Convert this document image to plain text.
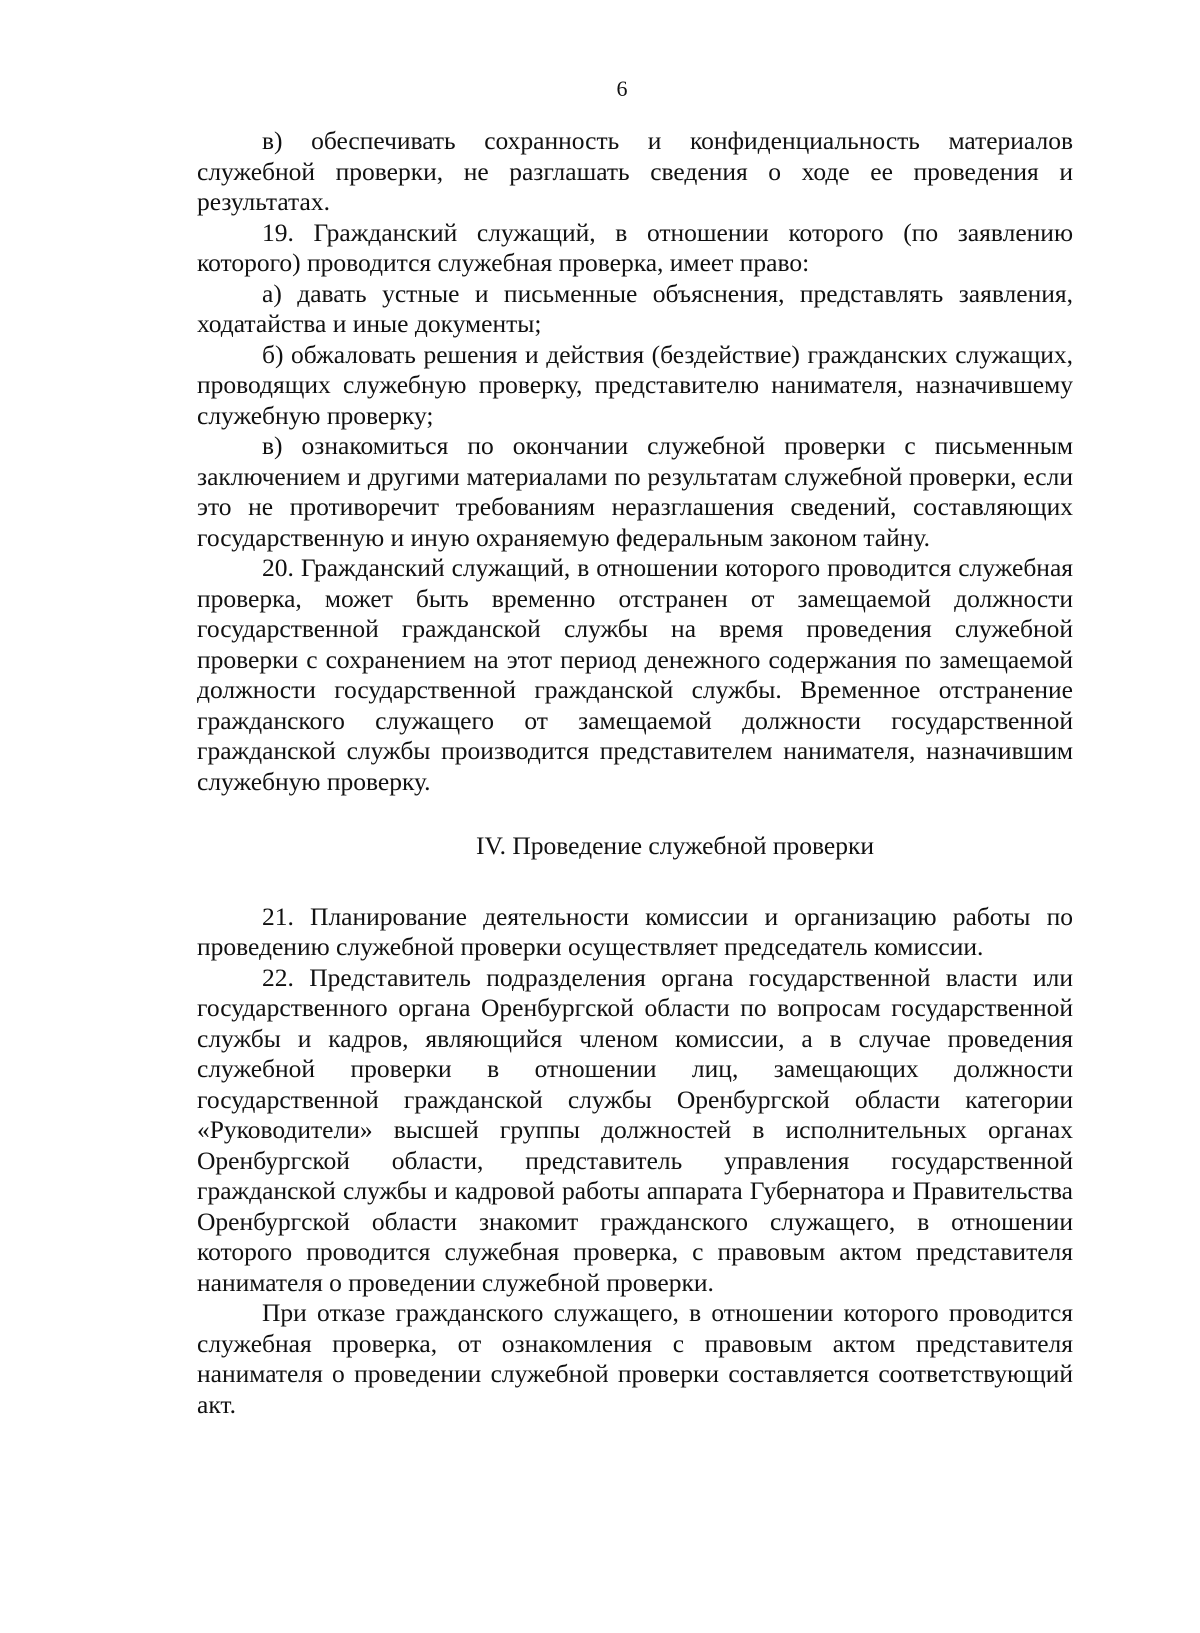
6

в) обеспечивать сохранность и конфиденциальность материалов служебной проверки, не разглашать сведения о ходе ее проведения и результатах.

19. Гражданский служащий, в отношении которого (по заявлению которого) проводится служебная проверка, имеет право:

а) давать устные и письменные объяснения, представлять заявления, ходатайства и иные документы;

б) обжаловать решения и действия (бездействие) гражданских служащих, проводящих служебную проверку, представителю нанимателя, назначившему служебную проверку;

в) ознакомиться по окончании служебной проверки с письменным заключением и другими материалами по результатам служебной проверки, если это не противоречит требованиям неразглашения сведений, составляющих государственную и иную охраняемую федеральным законом тайну.

20. Гражданский служащий, в отношении которого проводится служебная проверка, может быть временно отстранен от замещаемой должности государственной гражданской службы на время проведения служебной проверки с сохранением на этот период денежного содержания по замещаемой должности государственной гражданской службы. Временное отстранение гражданского служащего от замещаемой должности государственной гражданской службы производится представителем нанимателя, назначившим служебную проверку.

IV. Проведение служебной проверки

21. Планирование деятельности комиссии и организацию работы по проведению служебной проверки осуществляет председатель комиссии.

22. Представитель подразделения органа государственной власти или государственного органа Оренбургской области по вопросам государственной службы и кадров, являющийся членом комиссии, а в случае проведения служебной проверки в отношении лиц, замещающих должности государственной гражданской службы Оренбургской области категории «Руководители» высшей группы должностей в исполнительных органах Оренбургской области, представитель управления государственной гражданской службы и кадровой работы аппарата Губернатора и Правительства Оренбургской области знакомит гражданского служащего, в отношении которого проводится служебная проверка, с правовым актом представителя нанимателя о проведении служебной проверки.

При отказе гражданского служащего, в отношении которого проводится служебная проверка, от ознакомления с правовым актом представителя нанимателя о проведении служебной проверки составляется соответствующий акт.
